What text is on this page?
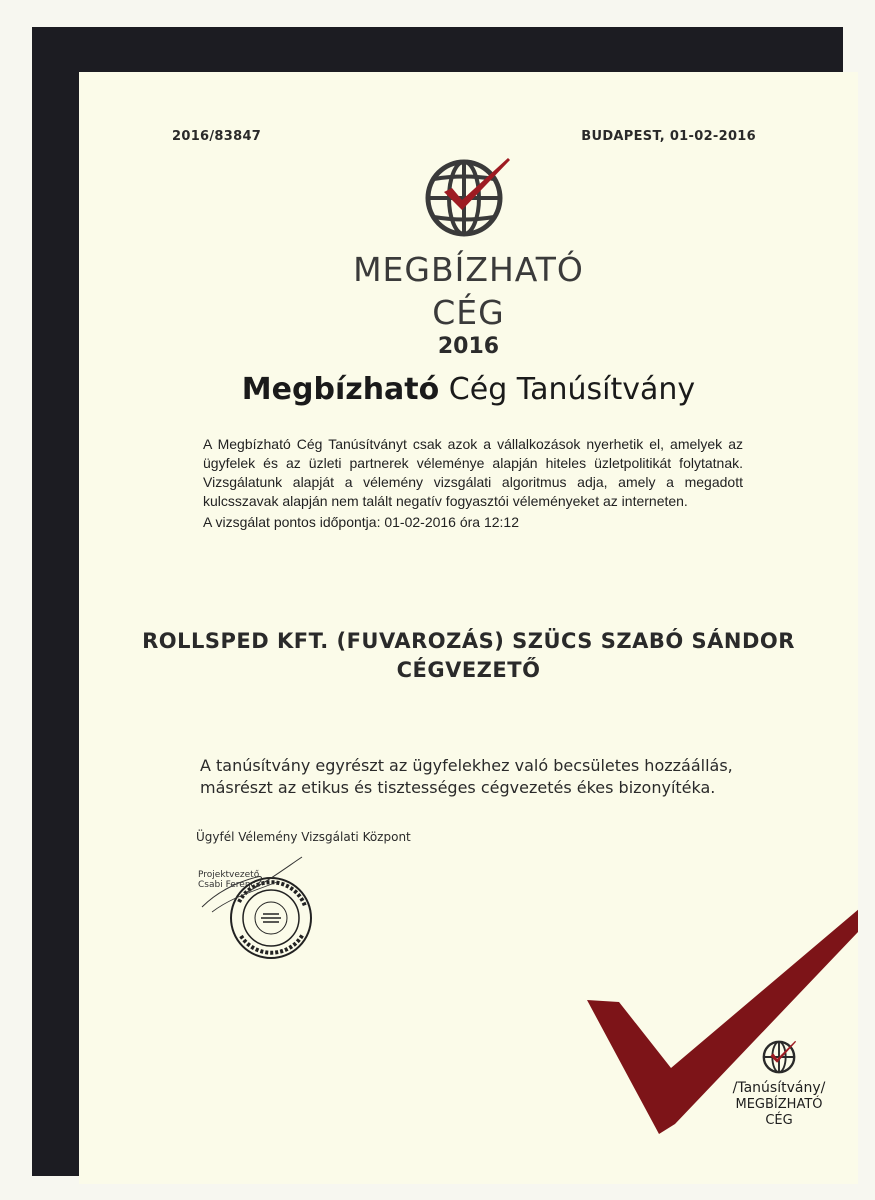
2016/83847	BUDAPEST, 01-02-2016
MEGBÍZHATÓ
CÉG
2016
Megbízható Cég Tanúsítvány

A Megbízható Cég Tanúsítványt csak azok a vállalkozások nyerhetik el, amelyek az ügyfelek és az üzleti partnerek véleménye alapján hiteles üzletpolitikát folytatnak. Vizsgálatunk alapját a vélemény vizsgálati algoritmus adja, amely a megadott kulcsszavak alapján nem talált negatív fogyasztói véleményeket az interneten.

A vizsgálat pontos időpontja: 01-02-2016 óra 12:12

ROLLSPED KFT. (FUVAROZÁS) SZÜCS SZABÓ SÁNDOR
CÉGVEZETŐ

A tanúsítvány egyrészt az ügyfelekhez való becsületes hozzáállás,

másrészt az etikus és tisztességes cégvezetés ékes bizonyítéka.

Ügyfél Vélemény Vizsgálati Központ
Projektvezető
Csabi Ferenc
/Tanúsítvány/
MEGBÍZHATÓ
CÉG
